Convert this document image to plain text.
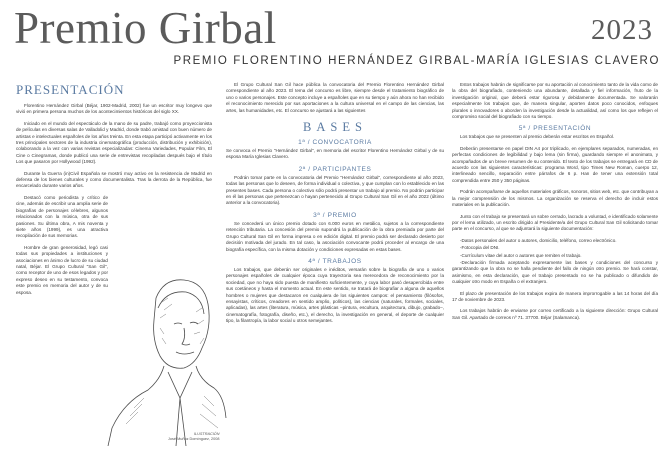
Premio Girbal	2023
PREMIO FLORENTINO HERNÁNDEZ GIRBAL-MARÍA IGLESIAS CLAVERO
PRESENTACIÓN

Florentino Hernández Girbal (Béjar, 1902-Madrid, 2002) fue un escritor muy longevo que vivió en primera persona muchos de los acontecimientos históricos del siglo XX.

Iniciado en el mundo del espectáculo de la mano de su padre, trabajó como proyeccionista de películas en diversas salas de Valladolid y Madrid, donde trabó amistad con buen número de artistas e intelectuales españoles de los años treinta. En esta etapa participó activamente en los tres principales sectores de la industria cinematográfica (producción, distribución y exhibición), colaborando a la vez con varias revistas especializadas: Cinema Variedades, Popular Film, El Cine o Cinegramas, donde publicó una serie de entrevistas recopiladas después bajo el título Los que pasaron por Hollywood (1992).

Durante la Guerra (in)Civil Española se mostró muy activo en la resistencia de Madrid en defensa de los bienes culturales y como documentalista. Tras la derrota de la República, fue encarcelado durante varios años.

Destacó como periodista y crítico de cine, además de escribir una amplia serie de biografías de personajes célebres, algunos relacionados con la música, otra de sus pasiones. Su última obra, A mis noventa y siete años (1999), es una atractiva recopilación de sus memorias.

Hombre de gran generosidad, legó casi todas sus propiedades a instituciones y asociaciones en ánimo de lucro de su ciudad natal, Béjar. El Grupo Cultural "San Gil", como receptor de uno de esos legados y por expreso deseo en su testamento, convoca este premio en memoria del autor y de su esposa.

ILUSTRACIÓN
José Muñoz Domínguez, 2008

El Grupo Cultural San Gil hace pública la convocatoria del Premio Florentino Hernández Girbal correspondiente al año 2023. El tema del concurso es libre, siempre desde el tratamiento biográfico de uno o varios personajes. Este concepto incluye a españoles que en su tiempo y aún ahora no han recibido el reconocimiento merecido por sus aportaciones a la cultura universal en el campo de las ciencias, las artes, las humanidades, etc. El concurso se ajustará a las siguientes

BASES
1ª / CONVOCATORIA

Se convoca el Premio "Hernández Girbal", en memoria del escritor Florentino Hernández Girbal y de su esposa María Iglesias Clavero.

2ª / PARTICIPANTES

Podrán tomar parte en la convocatoria del Premio "Hernández Girbal", correspondiente al año 2023, todas las personas que lo deseen, de forma individual o colectiva, y que cumplan con lo establecido en las presentes bases. Cada persona o colectivo sólo podrá presentar un trabajo al premio. No podrán participar en él las personas que pertenezcan o hayan pertenecido al Grupo Cultural San Gil en el año 2022 (último anterior a la convocatoria).

3ª / PREMIO

Se concederá un único premio dotado con 6.000 euros en metálico, sujetos a la correspondiente retención tributaria. La concesión del premio supondrá la publicación de la obra premiada por parte del Grupo Cultural San Gil en forma impresa o en edición digital. El premio podrá ser declarado desierto por decisión motivada del jurado. En tal caso, la asociación convocante podrá proceder al encargo de una biografía específica, con la misma dotación y condiciones expresadas en estas bases.

4ª / TRABAJOS

Los trabajos, que deberán ser originales e inéditos, versarán sobre la biografía de uno o varios personajes españoles de cualquier época cuya trayectoria sea merecedora de reconocimiento por la sociedad, que no haya sido puesta de manifiesto suficientemente, y cuya labor pasó desapercibida entre sus coetáneos y hasta el momento actual. En este sentido, se tratará de biografiar a alguna de aquellos hombres o mujeres que destacaron en cualquiera de los siguientes campos: el pensamiento (filósofos, ensayistas, críticos, creadores en sentido amplio, políticos), las ciencias (naturales, formales, sociales, aplicadas), las artes (literatura, música, artes plásticas –pintura, escultura, arquitectura, dibujo, grabado–, cinematografía, fotografía, diseño, etc.), el derecho, la investigación en general, el deporte de cualquier tipo, la filantropía, la labor social u otros semejantes.

Estos trabajos habrán de significarse por su aportación al conocimiento tanto de la vida como de la obra del biografiado, conteniendo una abundante, detallada y fiel información, fruto de la investigación original, que deberá estar rigurosa y debidamente documentada. Se valorarán especialmente los trabajos que, de manera singular, aporten datos poco conocidos, enfoques plurales o innovadores o aborden la investigación desde la actualidad, así como los que reflejen el compromiso social del biografiado con su tiempo.

5ª / PRESENTACIÓN

Los trabajos que se presenten al premio deberán estar escritos en Español.

Deberán presentarse en papel DIN A4 por triplicado, en ejemplares separados, numeradas, en perfectas condiciones de legibilidad y bajo lema (sin firma), guardando siempre el anonimato, y acompañados de un breve resumen de su contenido. El texto de los trabajos se entregará en CD de acuerdo con las siguientes características: programa Word, tipo Times New Roman, cuerpo 12, interlineado sencillo, separación entre párrafos de 6 p. Han de tener una extensión total comprendida entre 250 y 350 páginas.

Podrán acompañarse de aquellos materiales gráficos, sonoros, sitios web, etc. que contribuyan a la mejor comprensión de los mismos. La organización se reserva el derecho de incluir estos materiales en la publicación.

Junto con el trabajo se presentará un sobre cerrado, lacrado a voluntad, e identificado solamente por el lema utilizado, un escrito dirigido al Presidente/a del Grupo Cultural San Gil solicitando tomar parte en el concurso, al que se adjuntará la siguiente documentación:

-Datos personales del autor o autores, domicilio, teléfono, correo electrónico.

-Fotocopia del DNI.

-Currículum vitae del autor o autores que remiten el trabajo.

-Declaración firmada aceptando expresamente las bases y condiciones del concurso y garantizando que la obra no se halla pendiente del fallo de ningún otro premio. Se hará constar, asimismo, en esta declaración, que el trabajo presentado no se ha publicado o difundido de cualquier otro modo en España o el extranjero.

El plazo de presentación de los trabajos expira de manera improrrogable a las 14 horas del día 17 de noviembre de 2023.

Los trabajos habrán de enviarse por correo certificado a la siguiente dirección: Grupo Cultural San Gil. Apartado de correos nº 71. 37700. Béjar (Salamanca).
